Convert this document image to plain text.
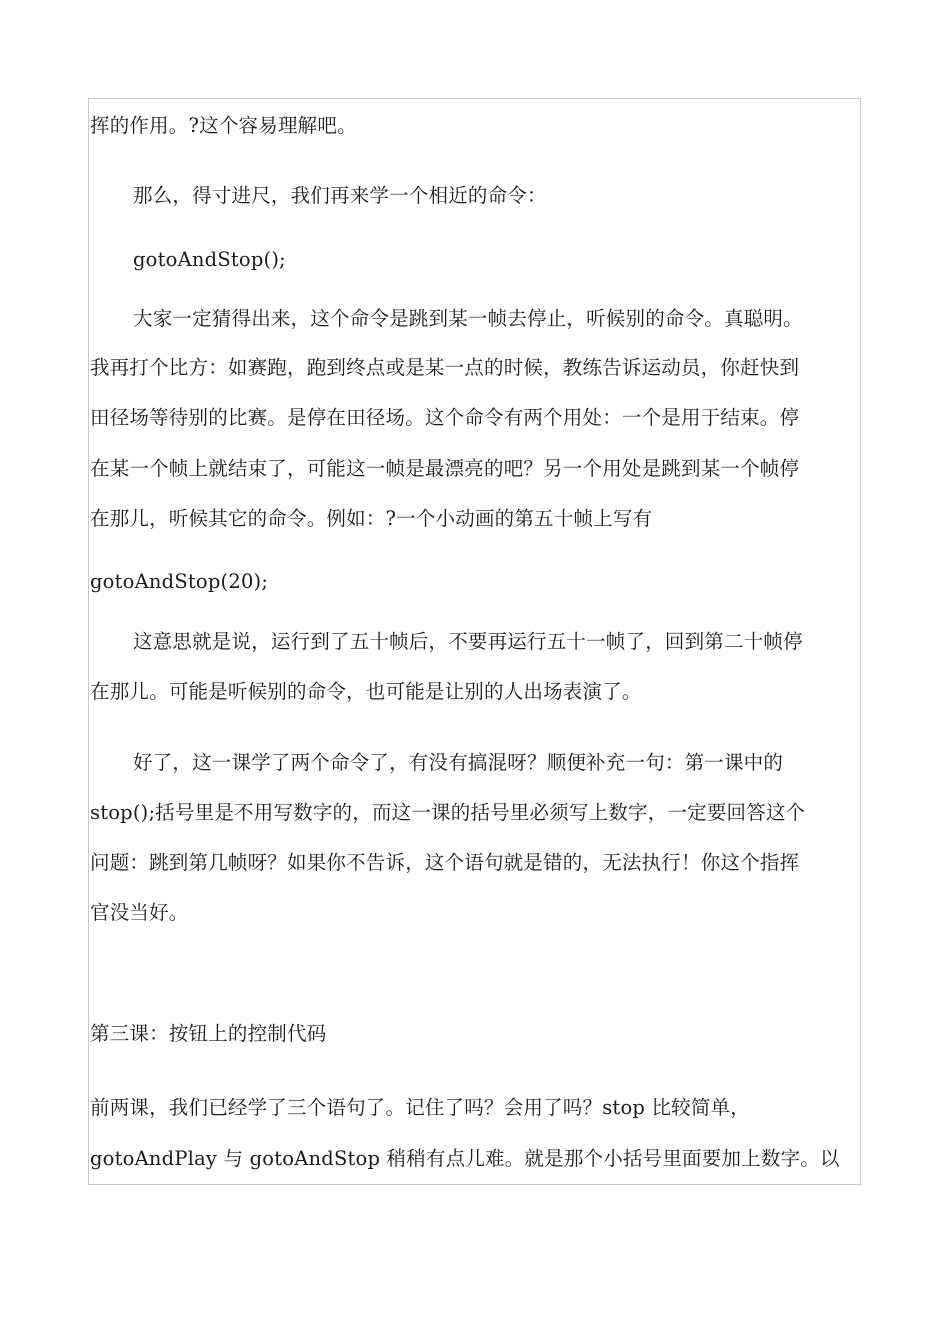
挥的作用。?这个容易理解吧。
那么，得寸进尺，我们再来学一个相近的命令：
gotoAndStop();
大家一定猜得出来，这个命令是跳到某一帧去停止，听候别的命令。真聪明。
我再打个比方：如赛跑，跑到终点或是某一点的时候，教练告诉运动员，你赶快到
田径场等待别的比赛。是停在田径场。这个命令有两个用处：一个是用于结束。停
在某一个帧上就结束了，可能这一帧是最漂亮的吧？另一个用处是跳到某一个帧停
在那儿，听候其它的命令。例如：?一个小动画的第五十帧上写有
gotoAndStop(20);
这意思就是说，运行到了五十帧后，不要再运行五十一帧了，回到第二十帧停
在那儿。可能是听候别的命令，也可能是让别的人出场表演了。
好了，这一课学了两个命令了，有没有搞混呀？顺便补充一句：第一课中的
stop();括号里是不用写数字的，而这一课的括号里必须写上数字，一定要回答这个
问题：跳到第几帧呀？如果你不告诉，这个语句就是错的，无法执行！你这个指挥
官没当好。
第三课：按钮上的控制代码
前两课，我们已经学了三个语句了。记住了吗？会用了吗？stop 比较简单，
gotoAndPlay 与 gotoAndStop 稍稍有点儿难。就是那个小括号里面要加上数字。以
